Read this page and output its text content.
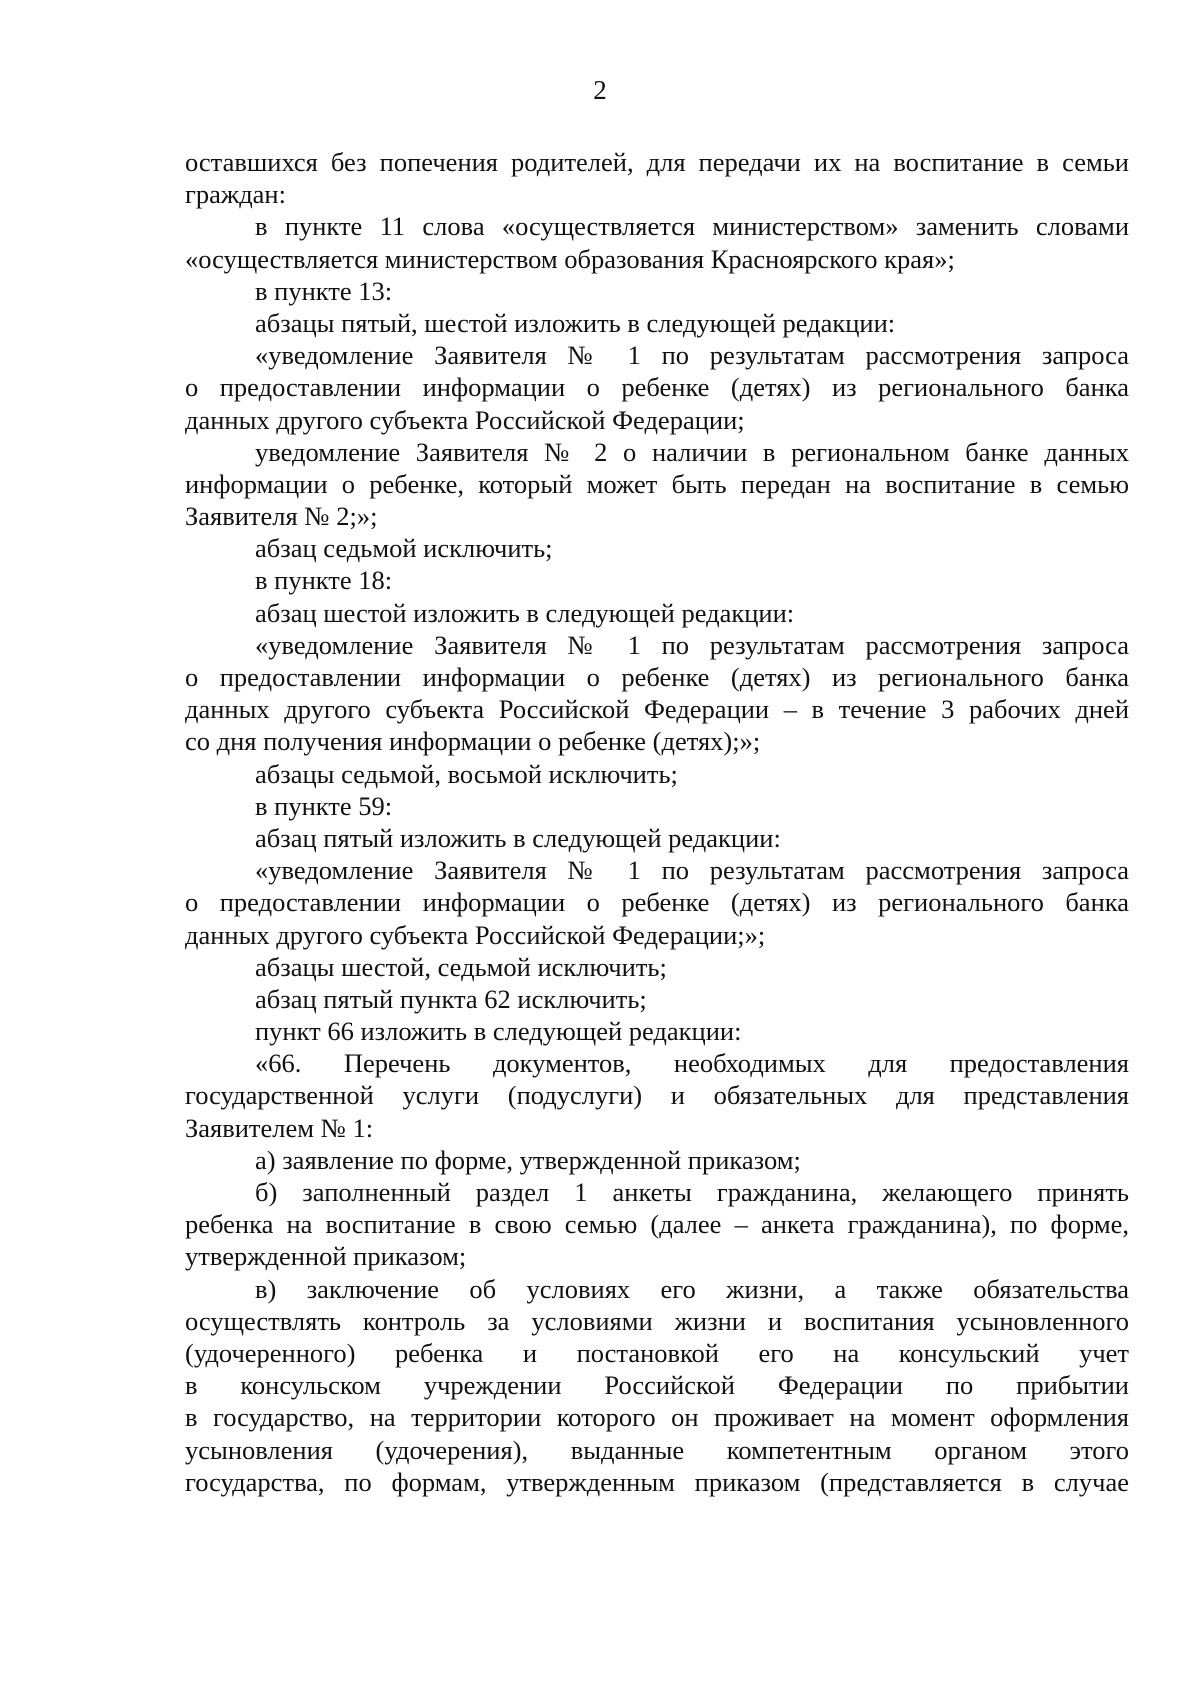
2
оставшихся без попечения родителей, для передачи их на воспитание в семьи
граждан:
в пункте 11 слова «осуществляется министерством» заменить словами
«осуществляется министерством образования Красноярского края»;
в пункте 13:
абзацы пятый, шестой изложить в следующей редакции:
«уведомление Заявителя № 1 по результатам рассмотрения запроса
о предоставлении информации о ребенке (детях) из регионального банка
данных другого субъекта Российской Федерации;
уведомление Заявителя № 2 о наличии в региональном банке данных
информации о ребенке, который может быть передан на воспитание в семью
Заявителя № 2;»;
абзац седьмой исключить;
в пункте 18:
абзац шестой изложить в следующей редакции:
«уведомление Заявителя № 1 по результатам рассмотрения запроса
о предоставлении информации о ребенке (детях) из регионального банка
данных другого субъекта Российской Федерации – в течение 3 рабочих дней
со дня получения информации о ребенке (детях);»;
абзацы седьмой, восьмой исключить;
в пункте 59:
абзац пятый изложить в следующей редакции:
«уведомление Заявителя № 1 по результатам рассмотрения запроса
о предоставлении информации о ребенке (детях) из регионального банка
данных другого субъекта Российской Федерации;»;
абзацы шестой, седьмой исключить;
абзац пятый пункта 62 исключить;
пункт 66 изложить в следующей редакции:
«66. Перечень документов, необходимых для предоставления
государственной услуги (подуслуги) и обязательных для представления
Заявителем № 1:
а) заявление по форме, утвержденной приказом;
б) заполненный раздел 1 анкеты гражданина, желающего принять
ребенка на воспитание в свою семью (далее – анкета гражданина), по форме,
утвержденной приказом;
в) заключение об условиях его жизни, а также обязательства
осуществлять контроль за условиями жизни и воспитания усыновленного
(удочеренного) ребенка и постановкой его на консульский учет
в консульском учреждении Российской Федерации по прибытии
в государство, на территории которого он проживает на момент оформления
усыновления (удочерения), выданные компетентным органом этого
государства, по формам, утвержденным приказом (представляется в случае
